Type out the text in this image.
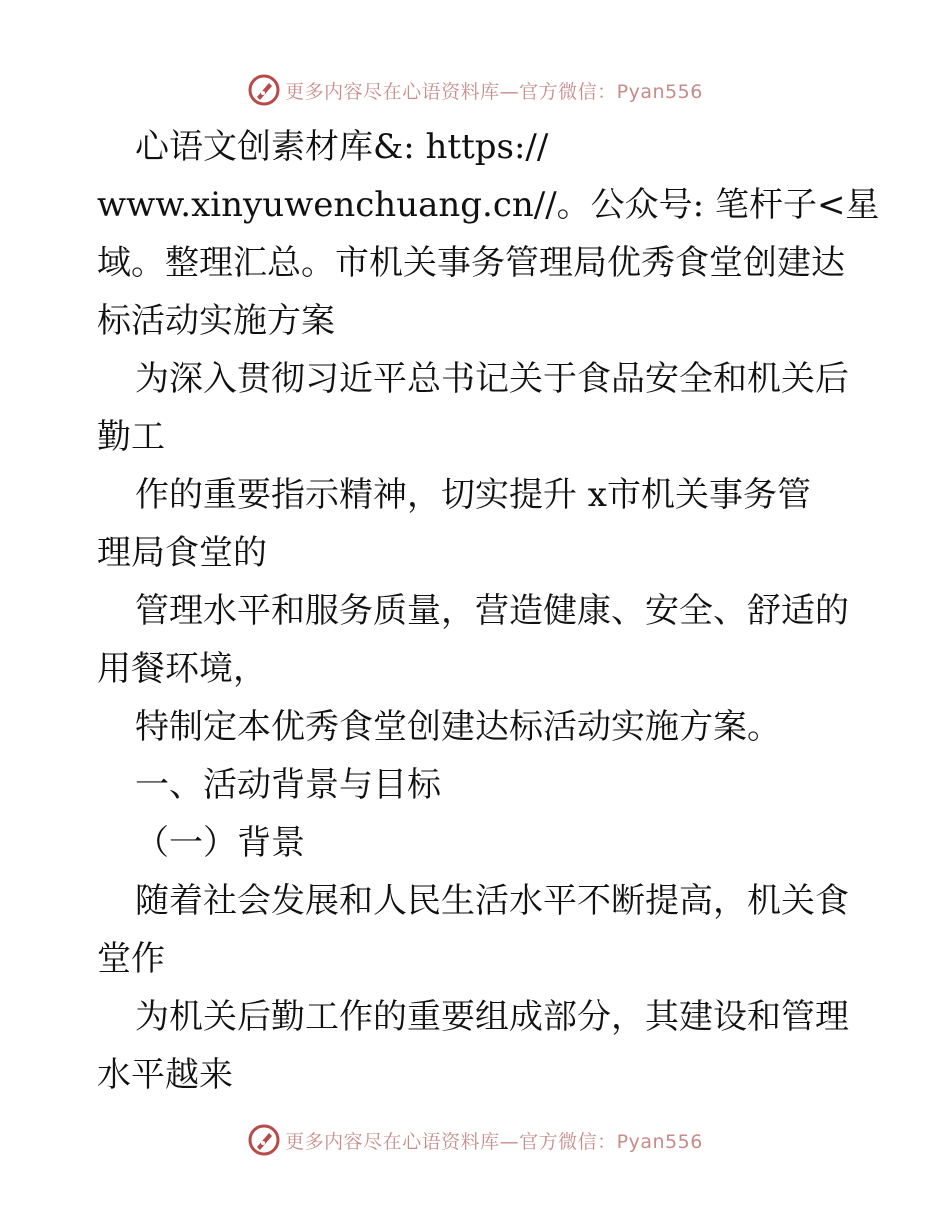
更多内容尽在心语资料库—官方微信：Pyan556
心语文创素材库&: https://
www.xinyuwenchuang.cn//。公众号: 笔杆子<星
域。整理汇总。市机关事务管理局优秀食堂创建达
标活动实施方案
为深入贯彻习近平总书记关于食品安全和机关后
勤工
作的重要指示精神，切实提升 x市机关事务管
理局食堂的
管理水平和服务质量，营造健康、安全、舒适的
用餐环境，
特制定本优秀食堂创建达标活动实施方案。
一、活动背景与目标
（一）背景
随着社会发展和人民生活水平不断提高，机关食
堂作
为机关后勤工作的重要组成部分，其建设和管理
水平越来
更多内容尽在心语资料库—官方微信：Pyan556
